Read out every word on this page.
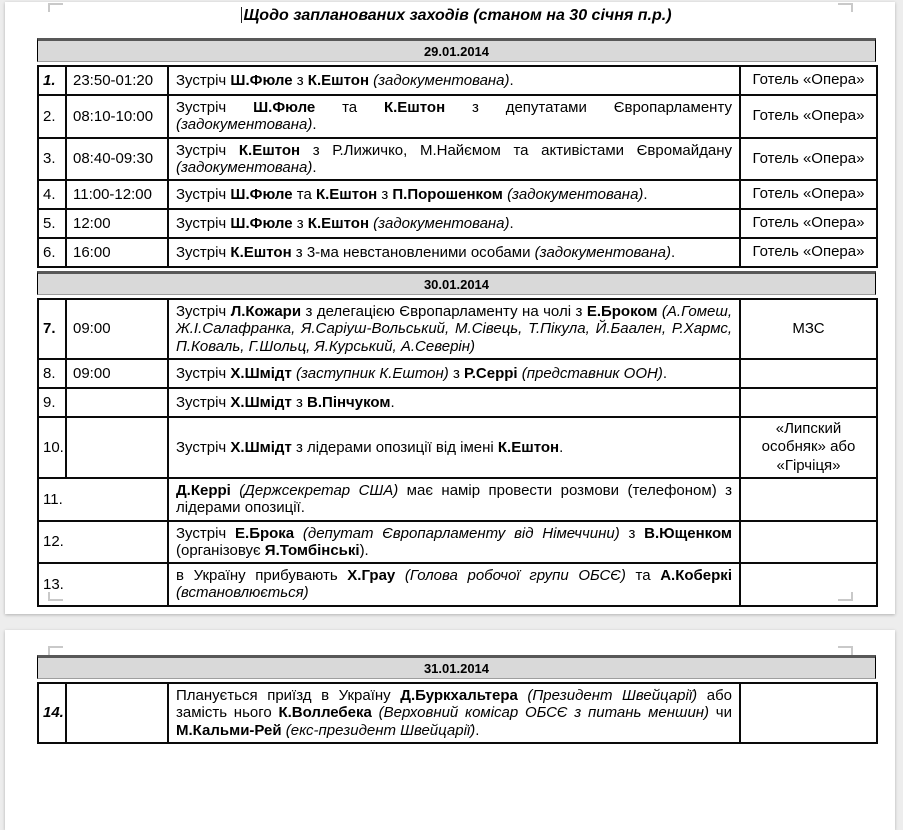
Щодо запланованих заходів (станом на 30 січня п.р.)
29.01.2014
1.	23:50-01:20	Зустріч Ш.Фюле з К.Ештон (задокументована).	Готель «Опера»
2.	08:10-10:00	Зустріч Ш.Фюле та К.Ештон з депутатами Європарламенту (задокументована).	Готель «Опера»
3.	08:40-09:30	Зустріч К.Ештон з Р.Лижичко, М.Найємом та активістами Євромайдану (задокументована).	Готель «Опера»
4.	11:00-12:00	Зустріч Ш.Фюле та К.Ештон з П.Порошенком (задокументована).	Готель «Опера»
5.	12:00	Зустріч Ш.Фюле з К.Ештон (задокументована).	Готель «Опера»
6.	16:00	Зустріч К.Ештон з 3-ма невстановленими особами (задокументована).	Готель «Опера»
30.01.2014
7.	09:00	Зустріч Л.Кожари з делегацією Європарламенту на чолі з Е.Броком (А.Гомеш, Ж.І.Салафранка, Я.Саріуш-Вольський, М.Сівець, Т.Пікула, Й.Баален, Р.Хармс, П.Коваль, Г.Шольц, Я.Курський, А.Северін)	МЗС
8.	09:00	Зустріч Х.Шмідт (заступник К.Ештон) з Р.Серрі (представник ООН).	
9.		Зустріч Х.Шмідт з В.Пінчуком.	
10.		Зустріч Х.Шмідт з лідерами опозиції від імені К.Ештон.	«Липский особняк» або «Гірчіця»
11.		Д.Керрі (Держсекретар США) має намір провести розмови (телефоном) з лідерами опозиції.	
12.		Зустріч Е.Брока (депутат Європарламенту від Німеччини) з В.Ющенком (організовує Я.Томбінські).	
13.		в Україну прибувають Х.Грау (Голова робочої групи ОБСЄ) та А.Коберкі (встановлюється)	
31.01.2014
14.		Планується приїзд в Україну Д.Буркхальтера (Президент Швейцарії) або замість нього К.Воллебека (Верховний комісар ОБСЄ з питань меншин) чи М.Кальми-Рей (екс-президент Швейцарії).	
